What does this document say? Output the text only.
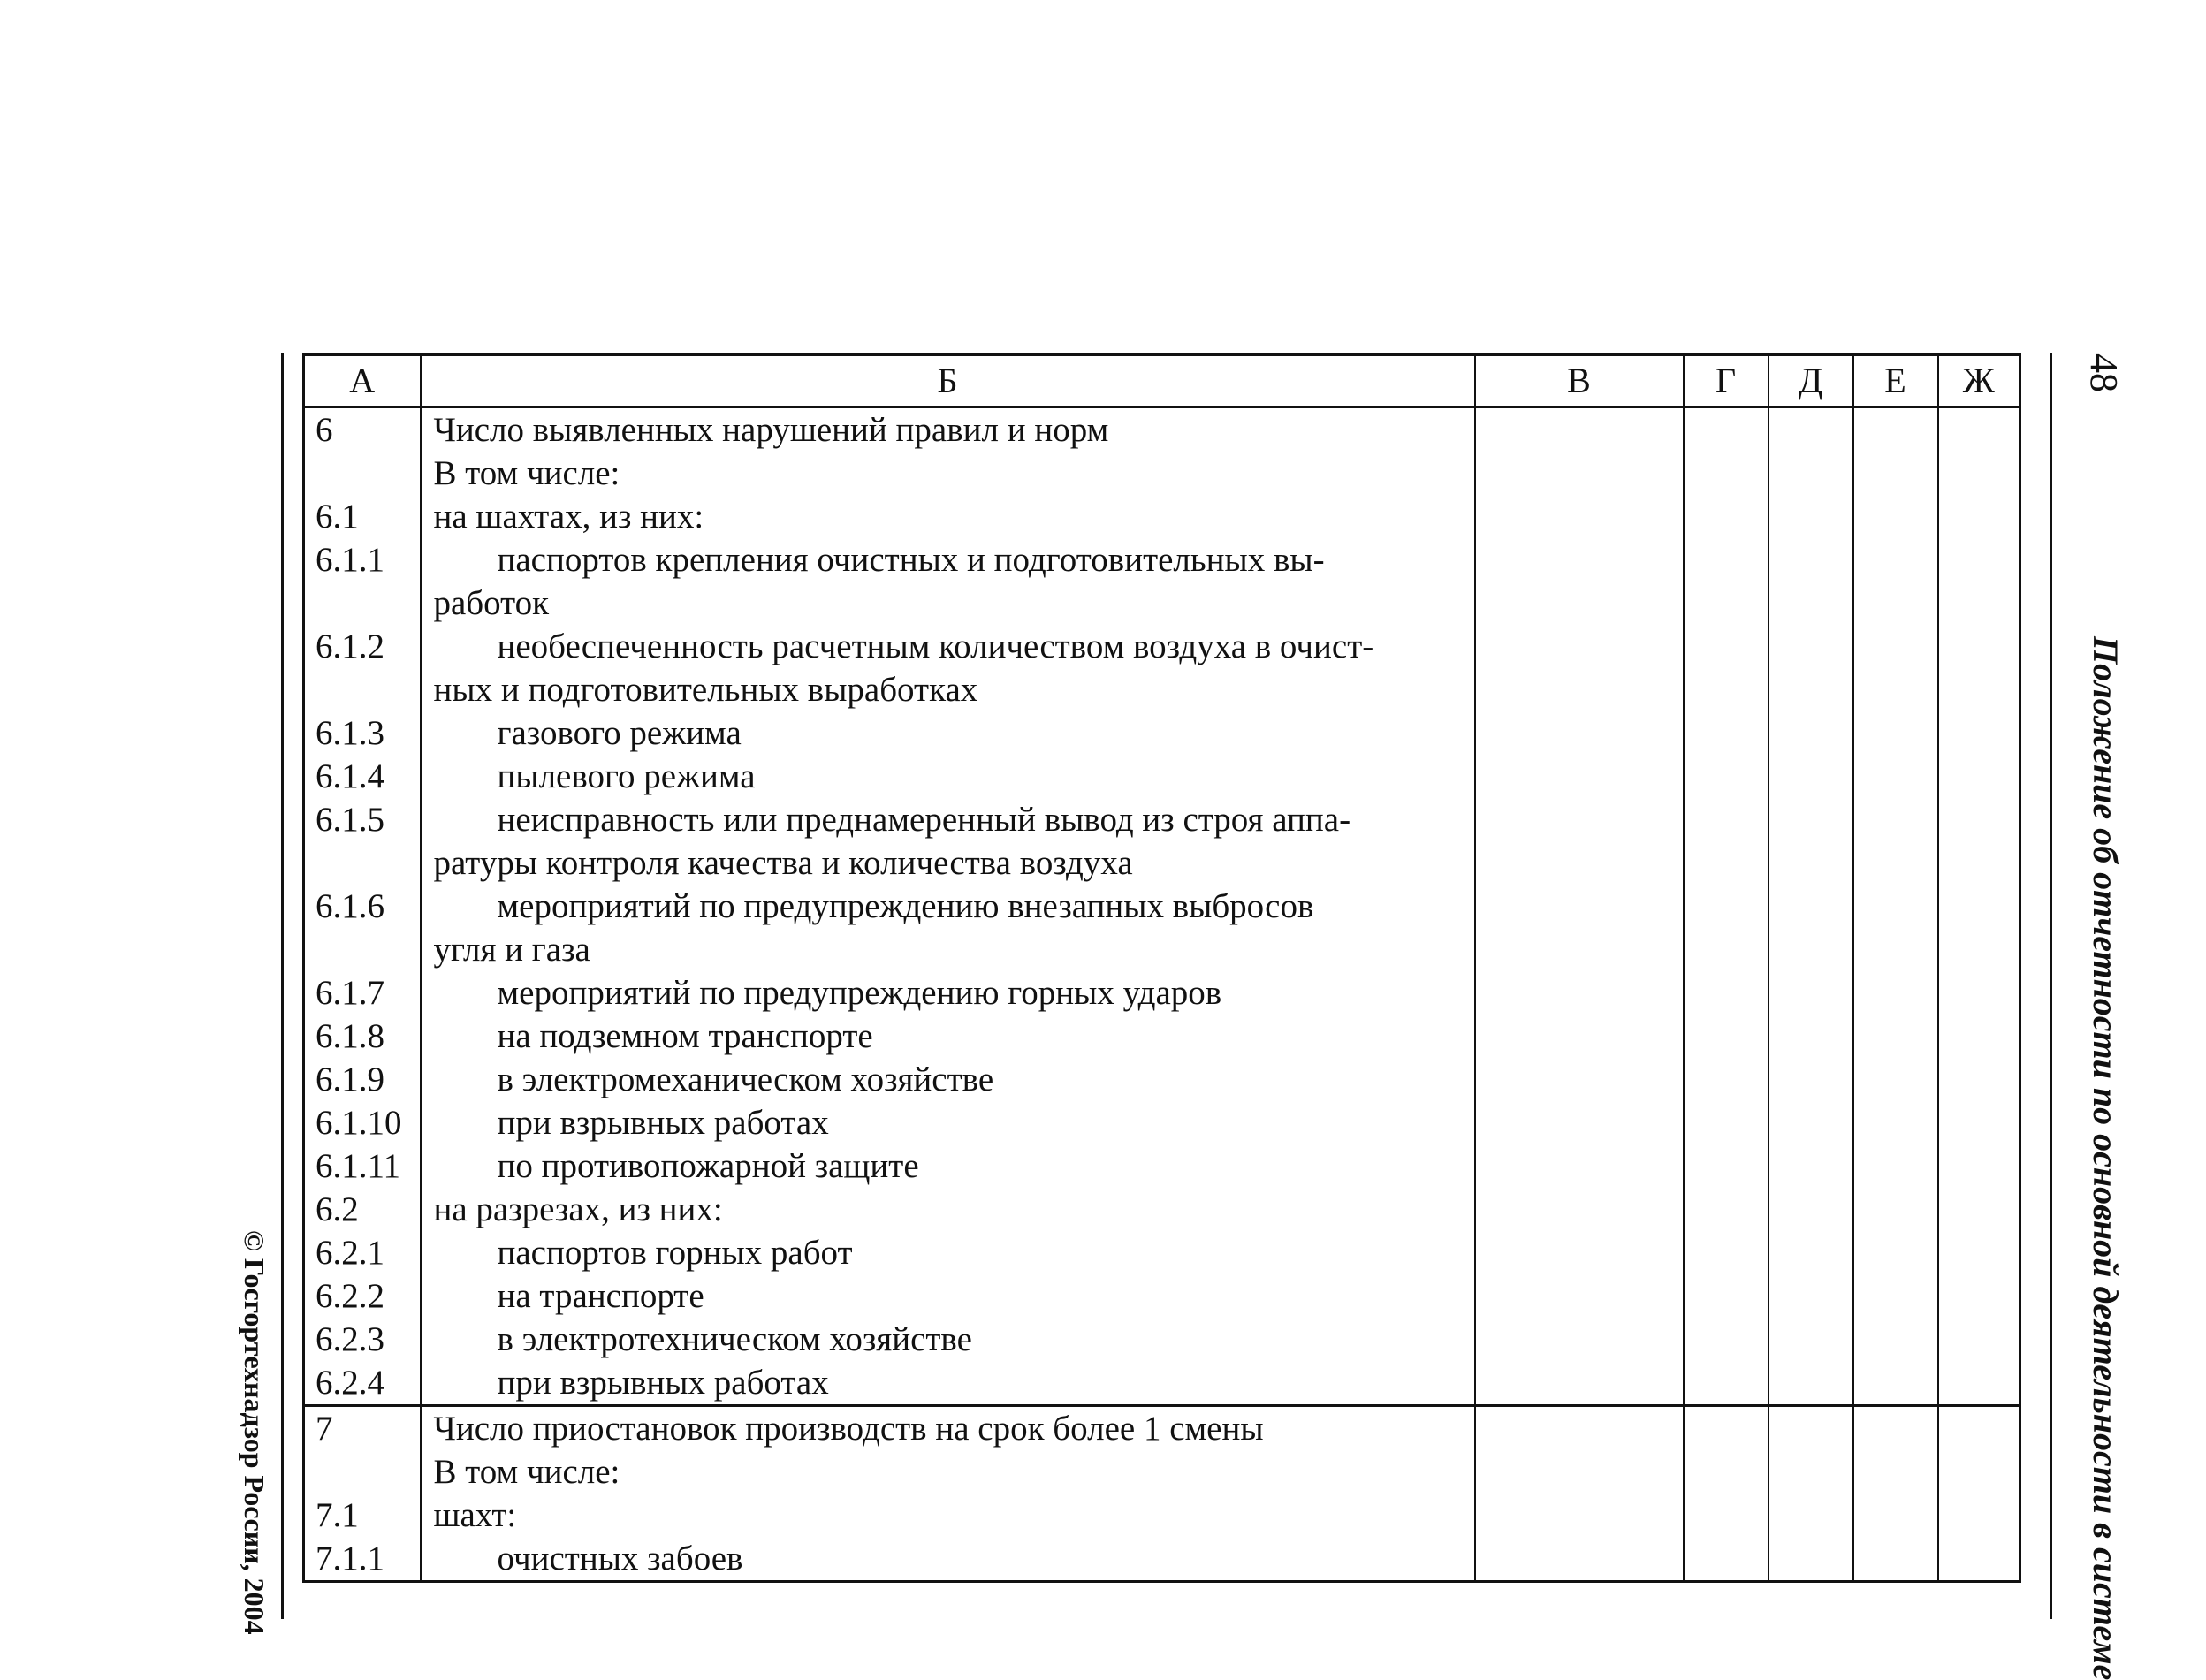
А	Б	В	Г	Д	Е	Ж
6	Число выявленных нарушений правил и норм					
	В том числе:					
6.1	на шахтах, из них:					
6.1.1	паспортов крепления очистных и подготовительных вы-					
	работок					
6.1.2	необеспеченность расчетным количеством воздуха в очист-					
	ных и подготовительных выработках					
6.1.3	газового режима					
6.1.4	пылевого режима					
6.1.5	неисправность или преднамеренный вывод из строя аппа-					
	ратуры контроля качества и количества воздуха					
6.1.6	мероприятий по предупреждению внезапных выбросов					
	угля и газа					
6.1.7	мероприятий по предупреждению горных ударов					
6.1.8	на подземном транспорте					
6.1.9	в электромеханическом хозяйстве					
6.1.10	при взрывных работах					
6.1.11	по противопожарной защите					
6.2	на разрезах, из них:					
6.2.1	паспортов горных работ					
6.2.2	на транспорте					
6.2.3	в электротехническом хозяйстве					
6.2.4	при взрывных работах					
7	Число приостановок производств на срок более 1 смены					
	В том числе:					
7.1	шахт:					
7.1.1	очистных забоев					
48
Положение об отчетности по основной деятельности в системе
© Госгортехнадзор России, 2004
